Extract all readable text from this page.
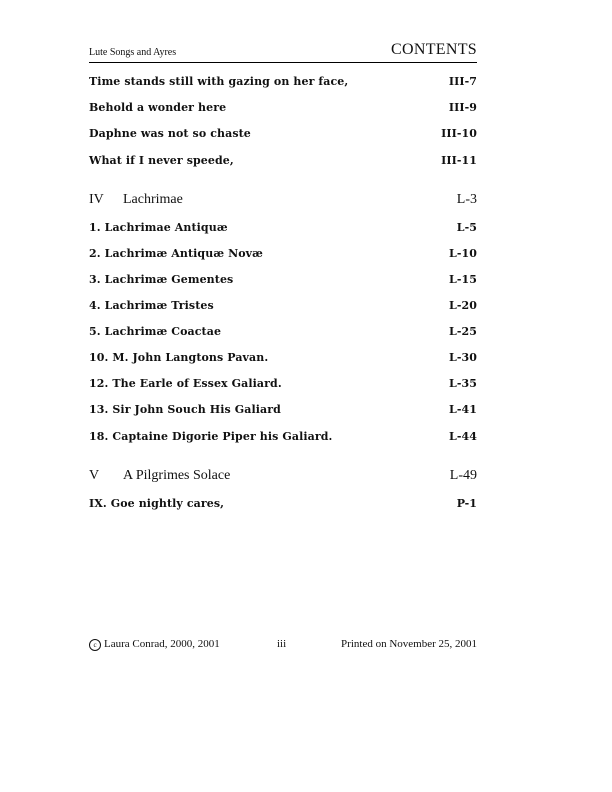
Lute Songs and Ayres	CONTENTS
Time stands still with gazing on her face,	III-7
Behold a wonder here	III-9
Daphne was not so chaste	III-10
What if I never speede,	III-11
IV Lachrimae	L-3
1. Lachrimae Antiquæ	L-5
2. Lachrimæ Antiquæ Novæ	L-10
3. Lachrimæ Gementes	L-15
4. Lachrimæ Tristes	L-20
5. Lachrimæ Coactae	L-25
10. M. John Langtons Pavan.	L-30
12. The Earle of Essex Galiard.	L-35
13. Sir John Souch His Galiard	L-41
18. Captaine Digorie Piper his Galiard.	L-44
V A Pilgrimes Solace	L-49
IX. Goe nightly cares,	P-1
c Laura Conrad, 2000, 2001	iii	Printed on November 25, 2001
